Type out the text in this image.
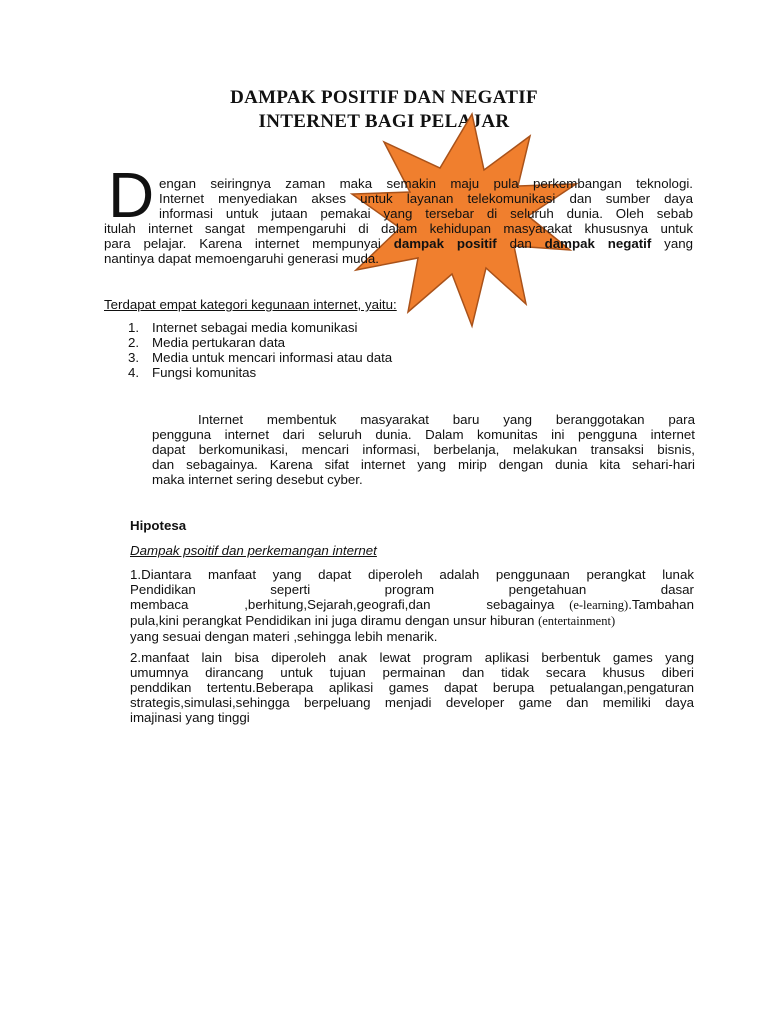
DAMPAK POSITIF DAN NEGATIF
INTERNET BAGI PELAJAR
D engan seiringnya zaman maka semakin maju pula perkembangan teknologi.
Internet menyediakan akses untuk layanan telekomunikasi dan sumber daya
informasi untuk jutaan pemakai yang tersebar di seluruh dunia. Oleh sebab
itulah internet sangat mempengaruhi di dalam kehidupan masyarakat khususnya untuk
para pelajar. Karena internet mempunyai dampak positif dan dampak negatif yang
nantinya dapat memoengaruhi generasi muda.
Terdapat empat kategori kegunaan internet, yaitu:
1. Internet sebagai media komunikasi
2. Media pertukaran data
3. Media untuk mencari informasi atau data
4. Fungsi komunitas
Internet membentuk masyarakat baru yang beranggotakan para
pengguna internet dari seluruh dunia. Dalam komunitas ini pengguna internet
dapat berkomunikasi, mencari informasi, berbelanja, melakukan transaksi bisnis,
dan sebagainya. Karena sifat internet yang mirip dengan dunia kita sehari-hari
maka internet sering desebut cyber.
Hipotesa
Dampak psoitif dan perkemangan internet
1.Diantara manfaat yang dapat diperoleh adalah penggunaan perangkat lunak
Pendidikan	seperti	program	pengetahuan	dasar
membaca	,berhitung,Sejarah,geografi,dan	sebagainya (e-learning).Tambahan
pula,kini perangkat Pendidikan ini juga diramu dengan unsur hiburan (entertainment)
yang sesuai dengan materi ,sehingga lebih menarik.
2.manfaat lain bisa diperoleh anak lewat program aplikasi berbentuk games yang
umumnya dirancang untuk tujuan permainan dan tidak secara khusus diberi
penddikan tertentu.Beberapa aplikasi games dapat berupa petualangan,pengaturan
strategis,simulasi,sehingga berpeluang menjadi developer game dan memiliki daya
imajinasi yang tinggi
